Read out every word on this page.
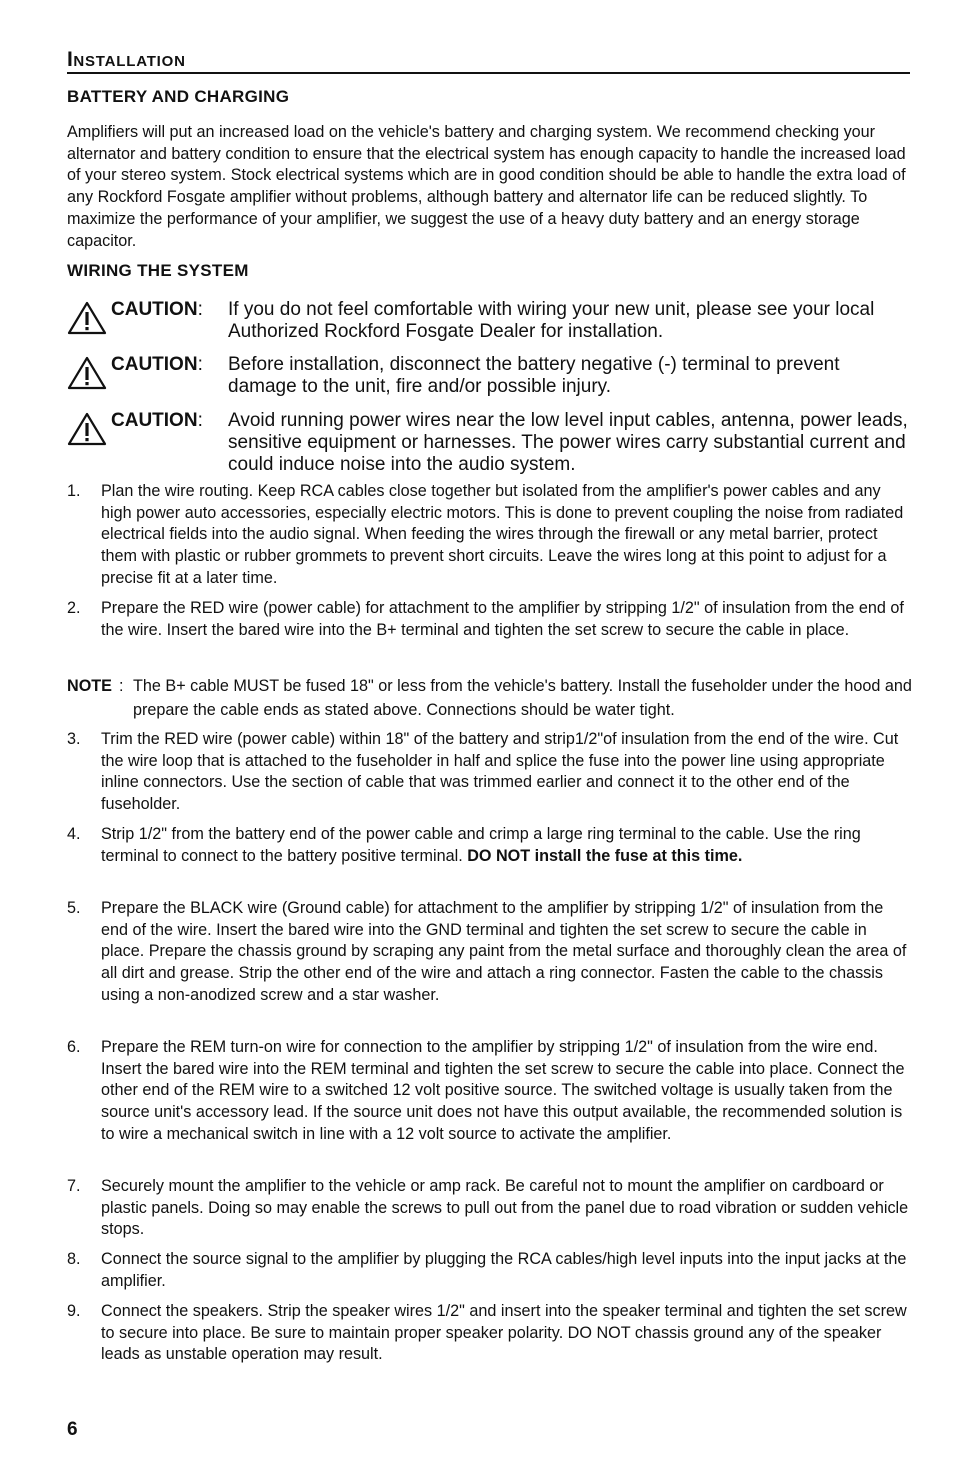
INSTALLATION
BATTERY AND CHARGING

Amplifiers will put an increased load on the vehicle's battery and charging system. We recommend checking your alternator and battery condition to ensure that the electrical system has enough capacity to handle the increased load of your stereo system. Stock electrical systems which are in good condition should be able to handle the extra load of any Rockford Fosgate amplifier without problems, although battery and alternator life can be reduced slightly. To maximize the performance of your amplifier, we suggest the use of a heavy duty battery and an energy storage capacitor.

WIRING THE SYSTEM
CAUTION: If you do not feel comfortable with wiring your new unit, please see your local Authorized Rockford Fosgate Dealer for installation.
CAUTION: Before installation, disconnect the battery negative (-) terminal to prevent damage to the unit, fire and/or possible injury.
CAUTION: Avoid running power wires near the low level input cables, antenna, power leads, sensitive equipment or harnesses. The power wires carry substantial current and could induce noise into the audio system.
1. Plan the wire routing. Keep RCA cables close together but isolated from the amplifier's power cables and any high power auto accessories, especially electric motors. This is done to prevent coupling the noise from radiated electrical fields into the audio signal. When feeding the wires through the firewall or any metal barrier, protect them with plastic or rubber grommets to prevent short circuits. Leave the wires long at this point to adjust for a precise fit at a later time.
2. Prepare the RED wire (power cable) for attachment to the amplifier by stripping 1/2" of insulation from the end of the wire. Insert the bared wire into the B+ terminal and tighten the set screw to secure the cable in place.
NOTE : The B+ cable MUST be fused 18" or less from the vehicle's battery. Install the fuseholder under the hood and prepare the cable ends as stated above. Connections should be water tight.
3. Trim the RED wire (power cable) within 18" of the battery and strip1/2"of insulation from the end of the wire. Cut the wire loop that is attached to the fuseholder in half and splice the fuse into the power line using appropriate inline connectors. Use the section of cable that was trimmed earlier and connect it to the other end of the fuseholder.
4. Strip 1/2" from the battery end of the power cable and crimp a large ring terminal to the cable. Use the ring terminal to connect to the battery positive terminal. DO NOT install the fuse at this time.
5. Prepare the BLACK wire (Ground cable) for attachment to the amplifier by stripping 1/2" of insulation from the end of the wire. Insert the bared wire into the GND terminal and tighten the set screw to secure the cable in place. Prepare the chassis ground by scraping any paint from the metal surface and thoroughly clean the area of all dirt and grease. Strip the other end of the wire and attach a ring connector. Fasten the cable to the chassis using a non-anodized screw and a star washer.
6. Prepare the REM turn-on wire for connection to the amplifier by stripping 1/2" of insulation from the wire end. Insert the bared wire into the REM terminal and tighten the set screw to secure the cable into place. Connect the other end of the REM wire to a switched 12 volt positive source. The switched voltage is usually taken from the source unit's accessory lead. If the source unit does not have this output available, the recommended solution is to wire a mechanical switch in line with a 12 volt source to activate the amplifier.
7. Securely mount the amplifier to the vehicle or amp rack. Be careful not to mount the amplifier on cardboard or plastic panels. Doing so may enable the screws to pull out from the panel due to road vibration or sudden vehicle stops.
8. Connect the source signal to the amplifier by plugging the RCA cables/high level inputs into the input jacks at the amplifier.
9. Connect the speakers. Strip the speaker wires 1/2" and insert into the speaker terminal and tighten the set screw to secure into place. Be sure to maintain proper speaker polarity. DO NOT chassis ground any of the speaker leads as unstable operation may result.
6
